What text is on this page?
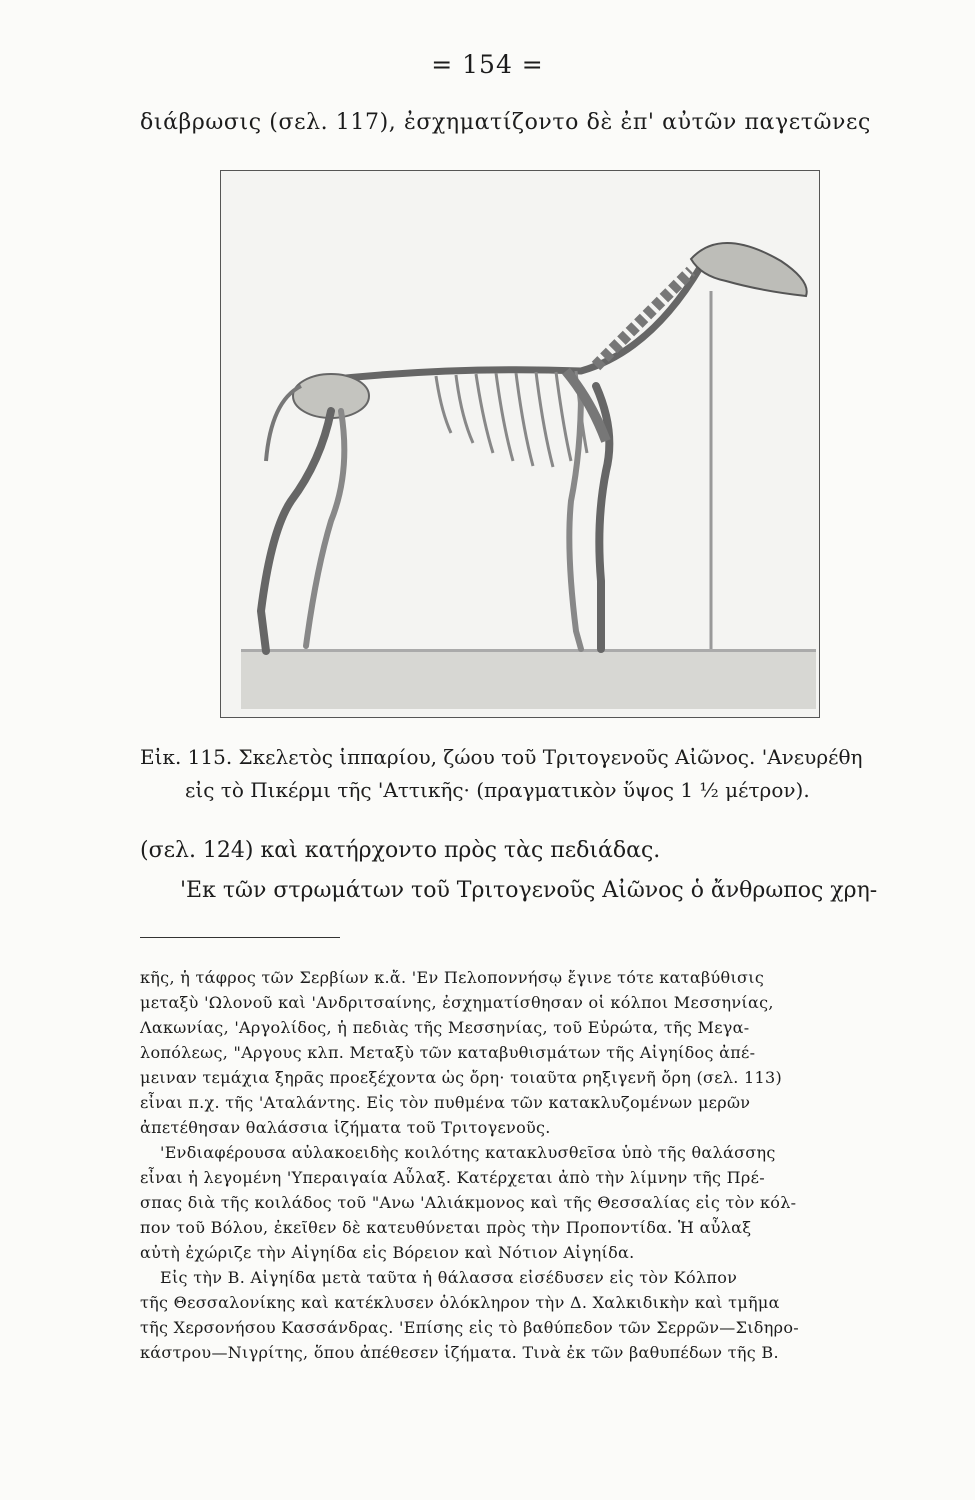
= 154 =
διάβρωσις (σελ. 117), ἐσχηματίζοντο δὲ ἐπ' αὐτῶν παγετῶνες
Εἰκ. 115. Σκελετὸς ἱππαρίου, ζώου τοῦ Τριτογενοῦς Αἰῶνος. 'Ανευρέθη
εἰς τὸ Πικέρμι τῆς 'Αττικῆς· (πραγματικὸν ὕψος 1 ½ μέτρον).
(σελ. 124) καὶ κατήρχοντο πρὸς τὰς πεδιάδας.
'Εκ τῶν στρωμάτων τοῦ Τριτογενοῦς Αἰῶνος ὁ ἄνθρωπος χρη-
κῆς, ἡ τάφρος τῶν Σερβίων κ.ἄ. 'Εν Πελοποννήσῳ ἔγινε τότε καταβύθισις
μεταξὺ 'Ωλονοῦ καὶ 'Ανδριτσαίνης, ἐσχηματίσθησαν οἱ κόλποι Μεσσηνίας,
Λακωνίας, 'Αργολίδος, ἡ πεδιὰς τῆς Μεσσηνίας, τοῦ Εὐρώτα, τῆς Μεγα-
λοπόλεως, "Αργους κλπ. Μεταξὺ τῶν καταβυθισμάτων τῆς Αἰγηίδος ἀπέ-
μειναν τεμάχια ξηρᾶς προεξέχοντα ὡς ὄρη· τοιαῦτα ρηξιγενῆ ὄρη (σελ. 113)
εἶναι π.χ. τῆς 'Αταλάντης. Εἰς τὸν πυθμένα τῶν κατακλυζομένων μερῶν
ἀπετέθησαν θαλάσσια ἱζήματα τοῦ Τριτογενοῦς.
'Ενδιαφέρουσα αὐλακοειδὴς κοιλότης κατακλυσθεῖσα ὑπὸ τῆς θαλάσσης
εἶναι ἡ λεγομένη 'Υπεραιγαία Αὖλαξ. Κατέρχεται ἀπὸ τὴν λίμνην τῆς Πρέ-
σπας διὰ τῆς κοιλάδος τοῦ "Ανω 'Αλιάκμονος καὶ τῆς Θεσσαλίας εἰς τὸν κόλ-
πον τοῦ Βόλου, ἐκεῖθεν δὲ κατευθύνεται πρὸς τὴν Προποντίδα. Ἡ αὖλαξ
αὐτὴ ἐχώριζε τὴν Αἰγηίδα εἰς Βόρειον καὶ Νότιον Αἰγηίδα.
Εἰς τὴν Β. Αἰγηίδα μετὰ ταῦτα ἡ θάλασσα εἰσέδυσεν εἰς τὸν Κόλπον
τῆς Θεσσαλονίκης καὶ κατέκλυσεν ὁλόκληρον τὴν Δ. Χαλκιδικὴν καὶ τμῆμα
τῆς Χερσονήσου Κασσάνδρας. 'Επίσης εἰς τὸ βαθύπεδον τῶν Σερρῶν—Σιδηρο-
κάστρου—Νιγρίτης, ὅπου ἀπέθεσεν ἱζήματα. Τινὰ ἐκ τῶν βαθυπέδων τῆς Β.
